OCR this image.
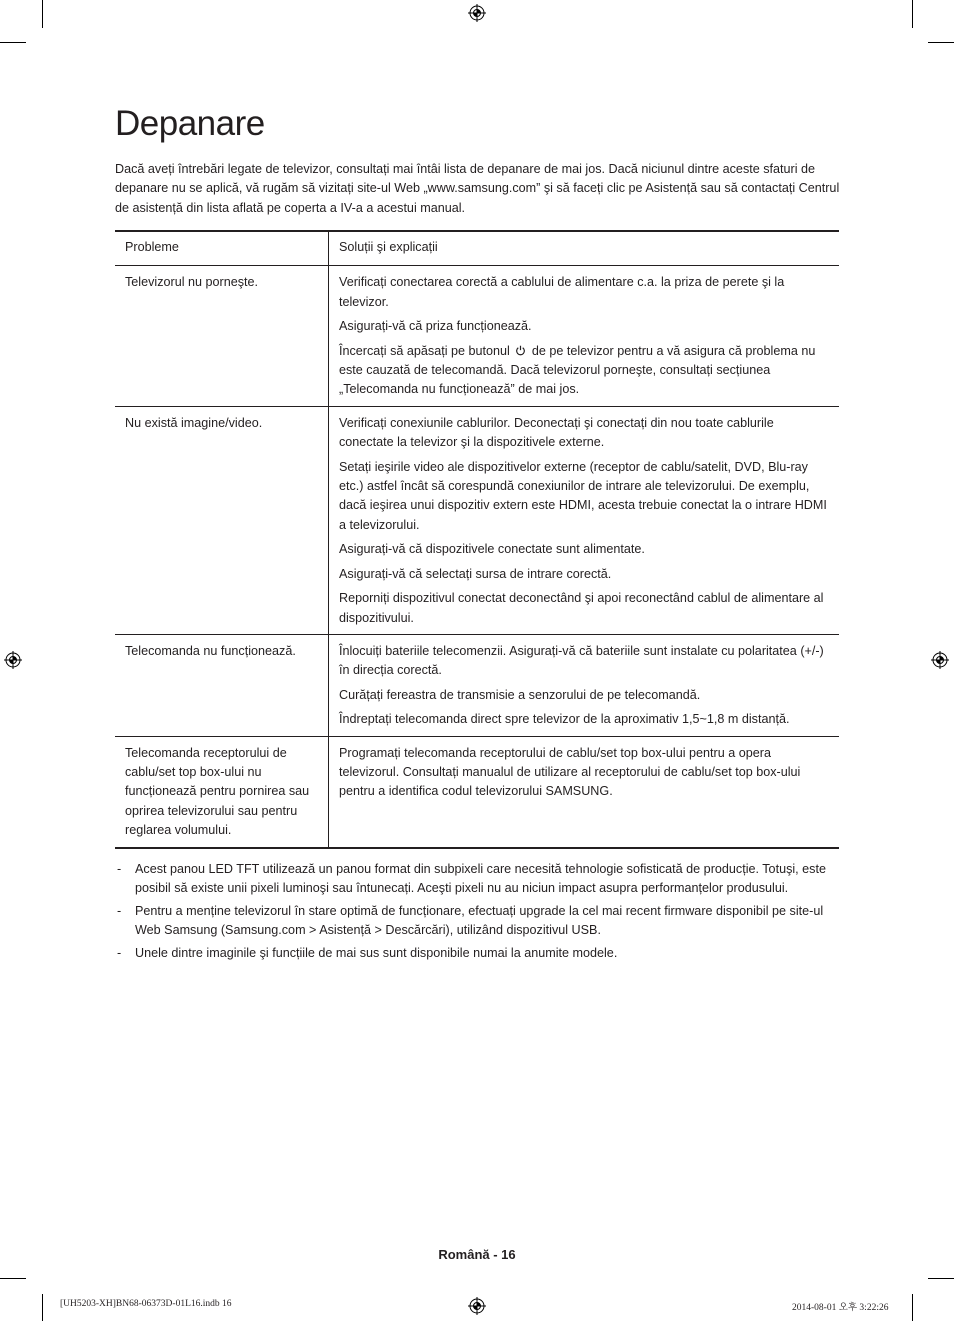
Depanare
Dacă aveți întrebări legate de televizor, consultați mai întâi lista de depanare de mai jos. Dacă niciunul dintre aceste sfaturi de depanare nu se aplică, vă rugăm să vizitați site-ul Web „www.samsung.com” şi să faceți clic pe Asistență sau să contactați Centrul de asistență din lista aflată pe coperta a IV-a a acestui manual.
Probleme	Soluții şi explicații
Televizorul nu porneşte.	Verificați conectarea corectă a cablului de alimentare c.a. la priza de perete şi la televizor.

Asigurați-vă că priza funcționează.

Încercați să apăsați pe butonul de pe televizor pentru a vă asigura că problema nu este cauzată de telecomandă. Dacă televizorul porneşte, consultați secțiunea „Telecomanda nu funcționează” de mai jos.

Nu există imagine/video.	Verificați conexiunile cablurilor. Deconectați şi conectați din nou toate cablurile conectate la televizor şi la dispozitivele externe.

Setați ieşirile video ale dispozitivelor externe (receptor de cablu/satelit, DVD, Blu-ray etc.) astfel încât să corespundă conexiunilor de intrare ale televizorului. De exemplu, dacă ieşirea unui dispozitiv extern este HDMI, acesta trebuie conectat la o intrare HDMI a televizorului.

Asigurați-vă că dispozitivele conectate sunt alimentate.

Asigurați-vă că selectați sursa de intrare corectă.

Reporniți dispozitivul conectat deconectând şi apoi reconectând cablul de alimentare al dispozitivului.

Telecomanda nu funcționează.	Înlocuiți bateriile telecomenzii. Asigurați-vă că bateriile sunt instalate cu polaritatea (+/-) în direcția corectă.

Curățați fereastra de transmisie a senzorului de pe telecomandă.

Îndreptați telecomanda direct spre televizor de la aproximativ 1,5~1,8 m distanță.

Telecomanda receptorului de cablu/set top box-ului nu funcționează pentru pornirea sau oprirea televizorului sau pentru reglarea volumului.	Programați telecomanda receptorului de cablu/set top box-ului pentru a opera televizorul. Consultați manualul de utilizare al receptorului de cablu/set top box-ului pentru a identifica codul televizorului SAMSUNG.

- Acest panou LED TFT utilizează un panou format din subpixeli care necesită tehnologie sofisticată de producție. Totuşi, este posibil să existe unii pixeli luminoşi sau întunecați. Aceşti pixeli nu au niciun impact asupra performanțelor produsului.
- Pentru a menține televizorul în stare optimă de funcționare, efectuați upgrade la cel mai recent firmware disponibil pe site-ul Web Samsung (Samsung.com > Asistență > Descărcări), utilizând dispozitivul USB.
- Unele dintre imaginile şi funcțiile de mai sus sunt disponibile numai la anumite modele.
Română - 16
[UH5203-XH]BN68-06373D-01L16.indb 16	2014-08-01 오후 3:22:26
